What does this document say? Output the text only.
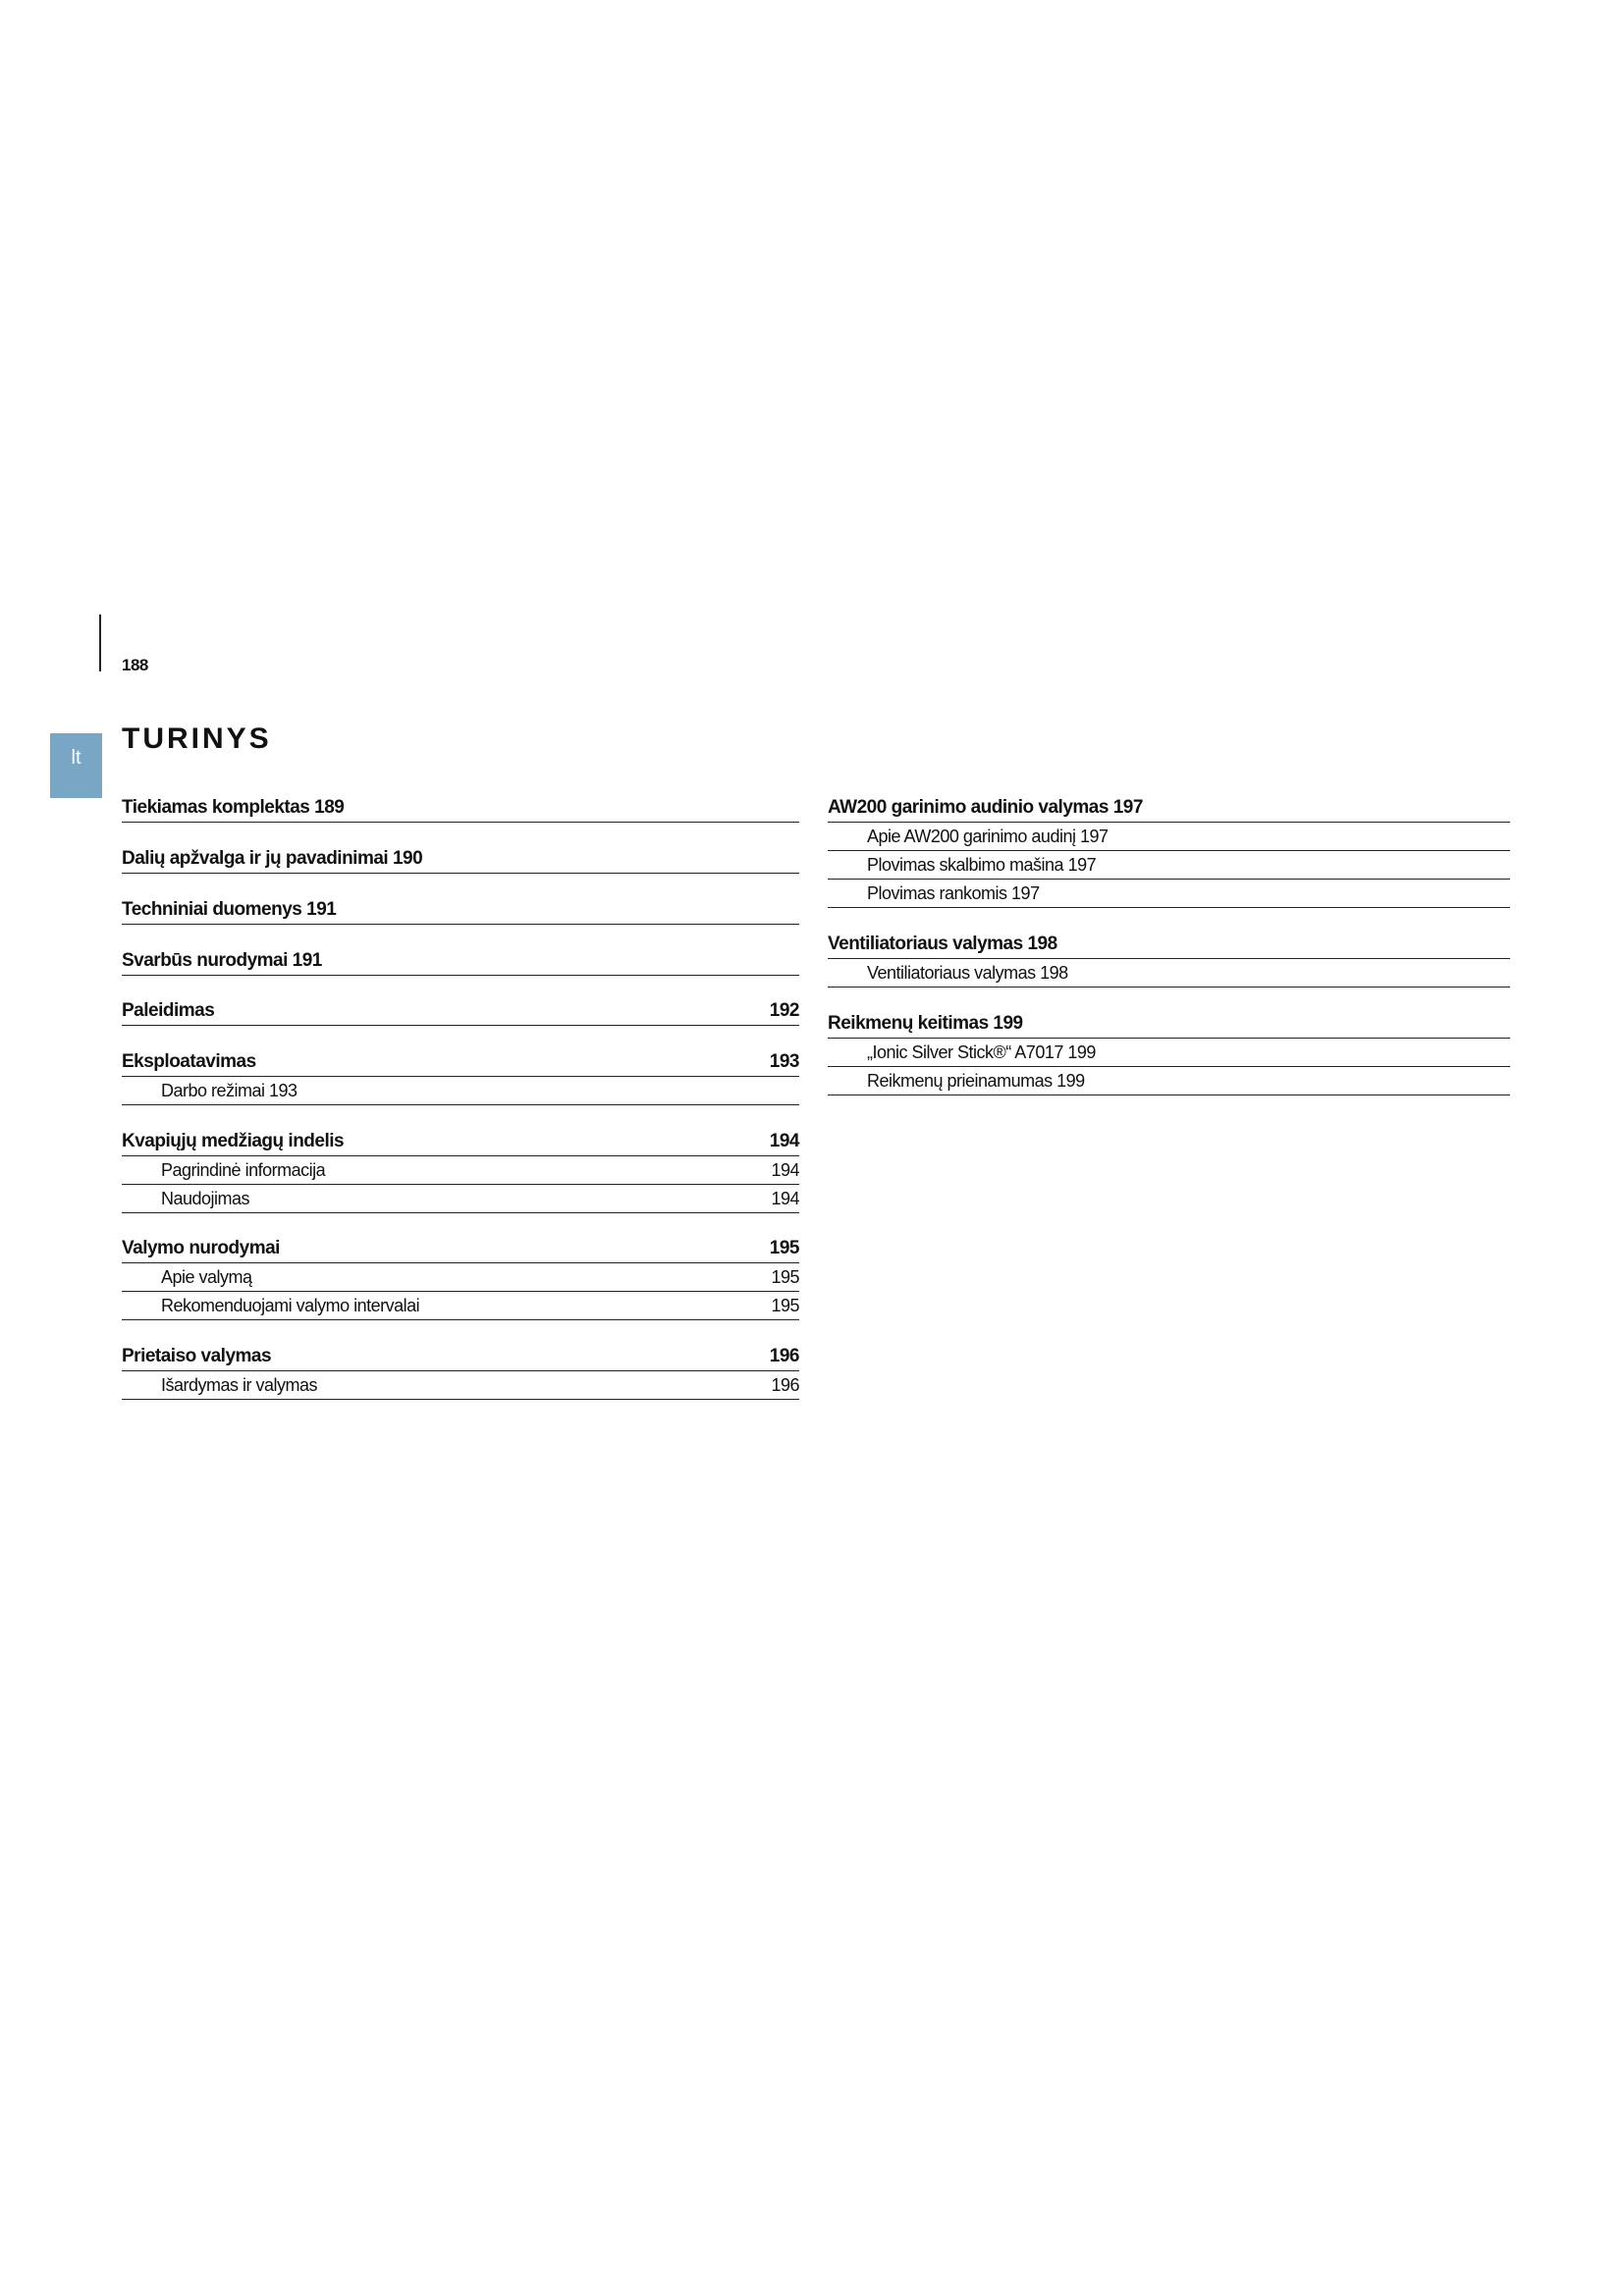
188
lt
TURINYS
Tiekiamas komplektas 189
Dalių apžvalga ir jų pavadinimai 190
Techniniai duomenys 191
Svarbūs nurodymai 191
Paleidimas	192
Eksploatavimas	193
Darbo režimai 193
Kvapiųjų medžiagų indelis	194
Pagrindinė informacija	194
Naudojimas	194
Valymo nurodymai	195
Apie valymą	195
Rekomenduojami valymo intervalai	195
Prietaiso valymas	196
Išardymas ir valymas	196
AW200 garinimo audinio valymas 197
Apie AW200 garinimo audinį 197
Plovimas skalbimo mašina 197
Plovimas rankomis 197
Ventiliatoriaus valymas 198
Ventiliatoriaus valymas 198
Reikmenų keitimas 199
„Ionic Silver Stick®“ A7017 199
Reikmenų prieinamumas 199
